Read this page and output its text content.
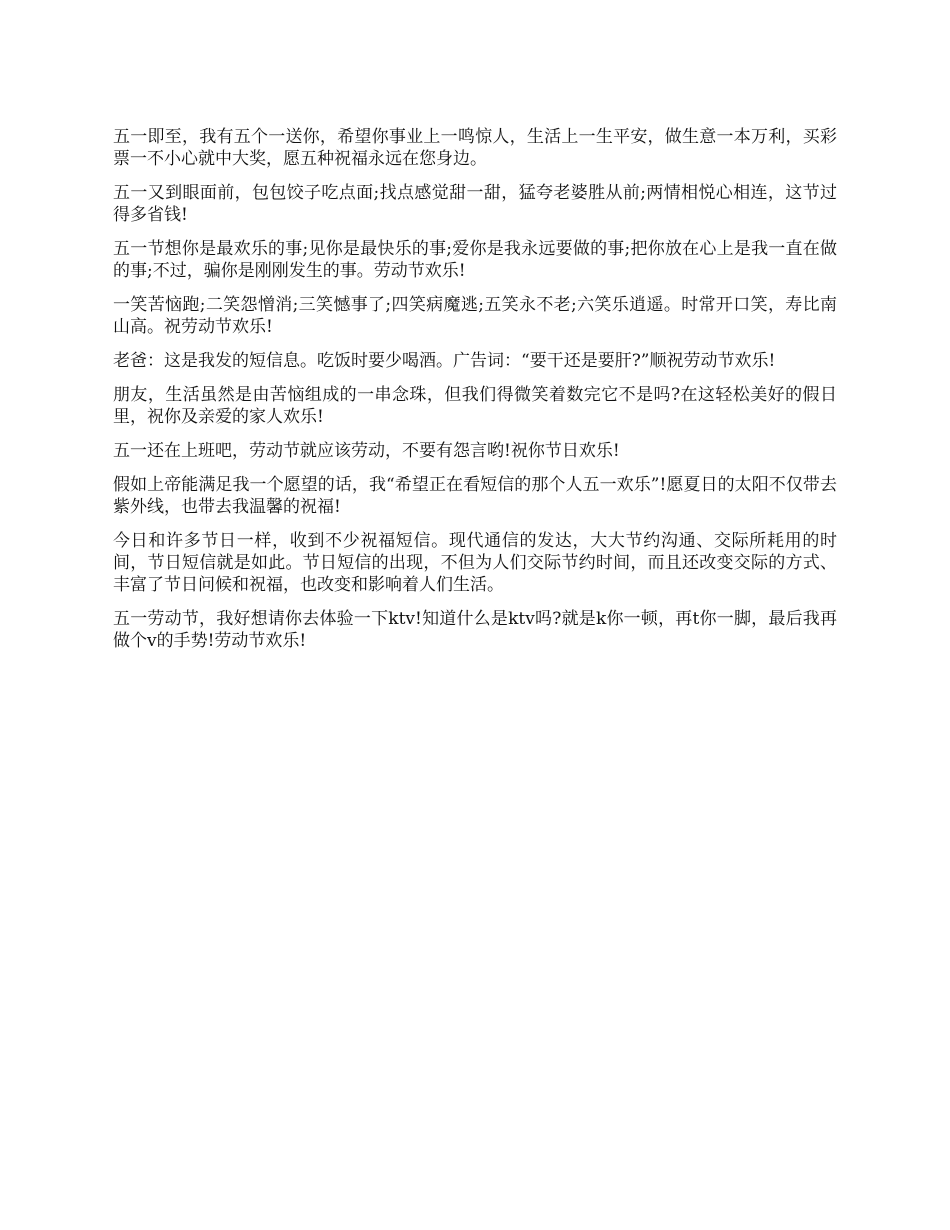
五一即至，我有五个一送你，希望你事业上一鸣惊人，生活上一生平安，做生意一本万利，买彩票一不小心就中大奖，愿五种祝福永远在您身边。

五一又到眼面前，包包饺子吃点面;找点感觉甜一甜，猛夸老婆胜从前;两情相悦心相连，这节过得多省钱!

五一节想你是最欢乐的事;见你是最快乐的事;爱你是我永远要做的事;把你放在心上是我一直在做的事;不过，骗你是刚刚发生的事。劳动节欢乐!

一笑苦恼跑;二笑怨憎消;三笑憾事了;四笑病魔逃;五笑永不老;六笑乐逍遥。时常开口笑，寿比南山高。祝劳动节欢乐!

老爸：这是我发的短信息。吃饭时要少喝酒。广告词：“要干还是要肝?”顺祝劳动节欢乐!

朋友，生活虽然是由苦恼组成的一串念珠，但我们得微笑着数完它不是吗?在这轻松美好的假日里，祝你及亲爱的家人欢乐!

五一还在上班吧，劳动节就应该劳动，不要有怨言哟!祝你节日欢乐!

假如上帝能满足我一个愿望的话，我“希望正在看短信的那个人五一欢乐”!愿夏日的太阳不仅带去紫外线，也带去我温馨的祝福!

今日和许多节日一样，收到不少祝福短信。现代通信的发达，大大节约沟通、交际所耗用的时间，节日短信就是如此。节日短信的出现，不但为人们交际节约时间，而且还改变交际的方式、丰富了节日问候和祝福，也改变和影响着人们生活。

五一劳动节，我好想请你去体验一下ktv!知道什么是ktv吗?就是k你一顿，再t你一脚，最后我再做个v的手势!劳动节欢乐!
